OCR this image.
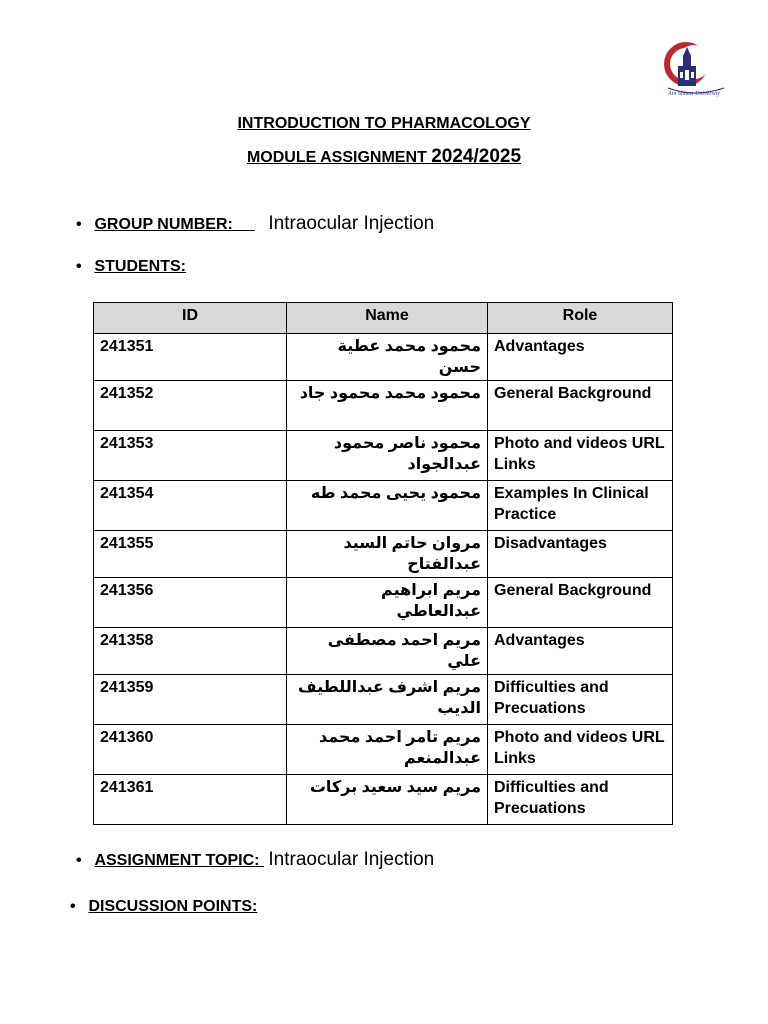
Ain Shams University
INTRODUCTION TO PHARMACOLOGY
MODULE ASSIGNMENT 2024/2025
• GROUP NUMBER: Intraocular Injection
• STUDENTS:
ID	Name	Role
241351	محمود محمد عطية حسن	Advantages
241352	محمود محمد محمود جاد	General Background
241353	محمود ناصر محمود عبدالجواد	Photo and videos URL Links
241354	محمود يحيى محمد طه	Examples In Clinical Practice
241355	مروان حاتم السيد عبدالفتاح	Disadvantages
241356	مريم ابراهيم عبدالعاطي	General Background
241358	مريم احمد مصطفى علي	Advantages
241359	مريم اشرف عبداللطيف الديب	Difficulties and Precuations
241360	مريم تامر احمد محمد عبدالمنعم	Photo and videos URL Links
241361	مريم سيد سعيد بركات	Difficulties and Precuations
• ASSIGNMENT TOPIC: Intraocular Injection
• DISCUSSION POINTS:
